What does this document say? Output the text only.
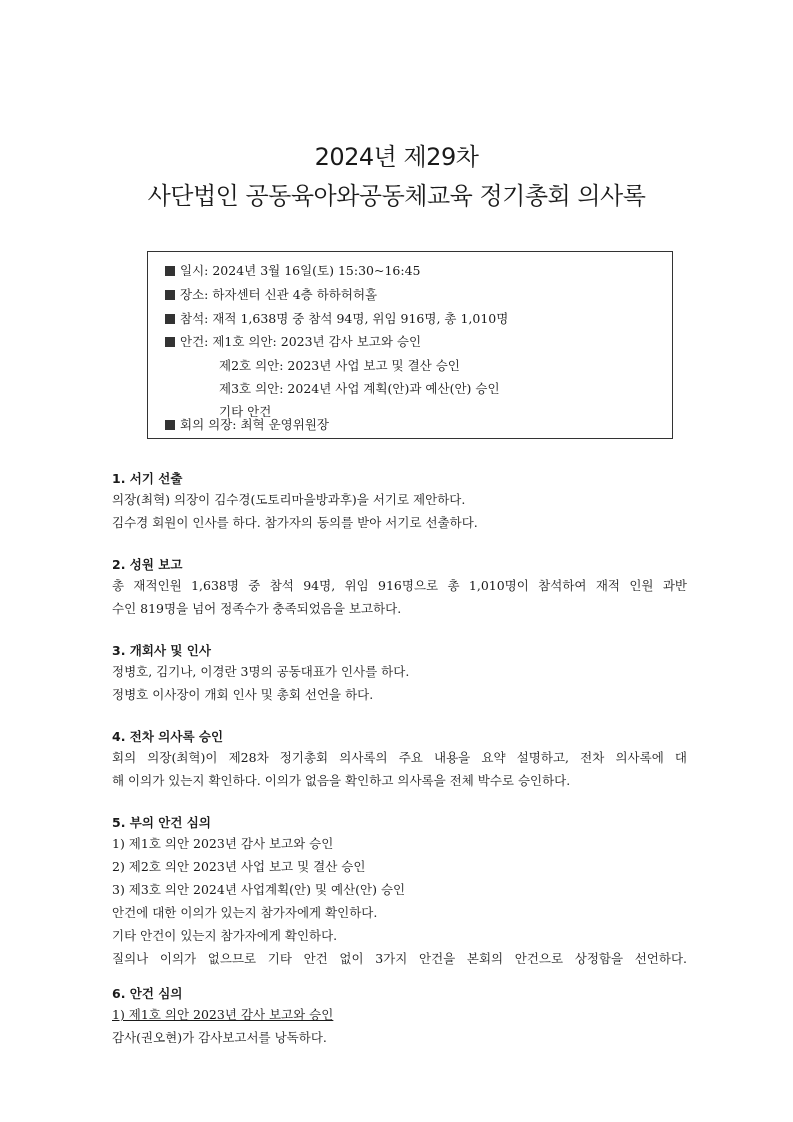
2024년 제29차
사단법인 공동육아와공동체교육 정기총회 의사록
일시: 2024년 3월 16일(토) 15:30~16:45
장소: 하자센터 신관 4층 하하허허홀
참석: 재적 1,638명 중 참석 94명, 위임 916명, 총 1,010명
안건: 제1호 의안: 2023년 감사 보고와 승인
제2호 의안: 2023년 사업 보고 및 결산 승인
제3호 의안: 2024년 사업 계획(안)과 예산(안) 승인
기타 안건
회의 의장: 최혁 운영위원장

1. 서기 선출

의장(최혁) 의장이 김수경(도토리마을방과후)을 서기로 제안하다.

김수경 회원이 인사를 하다. 참가자의 동의를 받아 서기로 선출하다.

2. 성원 보고

총 재적인원 1,638명 중 참석 94명, 위임 916명으로 총 1,010명이 참석하여 재적 인원 과반

수인 819명을 넘어 정족수가 충족되었음을 보고하다.

3. 개회사 및 인사

정병호, 김기나, 이경란 3명의 공동대표가 인사를 하다.

정병호 이사장이 개회 인사 및 총회 선언을 하다.

4. 전차 의사록 승인

회의 의장(최혁)이 제28차 정기총회 의사록의 주요 내용을 요약 설명하고, 전차 의사록에 대

해 이의가 있는지 확인하다. 이의가 없음을 확인하고 의사록을 전체 박수로 승인하다.

5. 부의 안건 심의

1) 제1호 의안 2023년 감사 보고와 승인

2) 제2호 의안 2023년 사업 보고 및 결산 승인

3) 제3호 의안 2024년 사업계획(안) 및 예산(안) 승인

안건에 대한 이의가 있는지 참가자에게 확인하다.

기타 안건이 있는지 참가자에게 확인하다.

질의나 이의가 없으므로 기타 안건 없이 3가지 안건을 본회의 안건으로 상정함을 선언하다.

6. 안건 심의

1) 제1호 의안 2023년 감사 보고와 승인

감사(권오현)가 감사보고서를 낭독하다.
